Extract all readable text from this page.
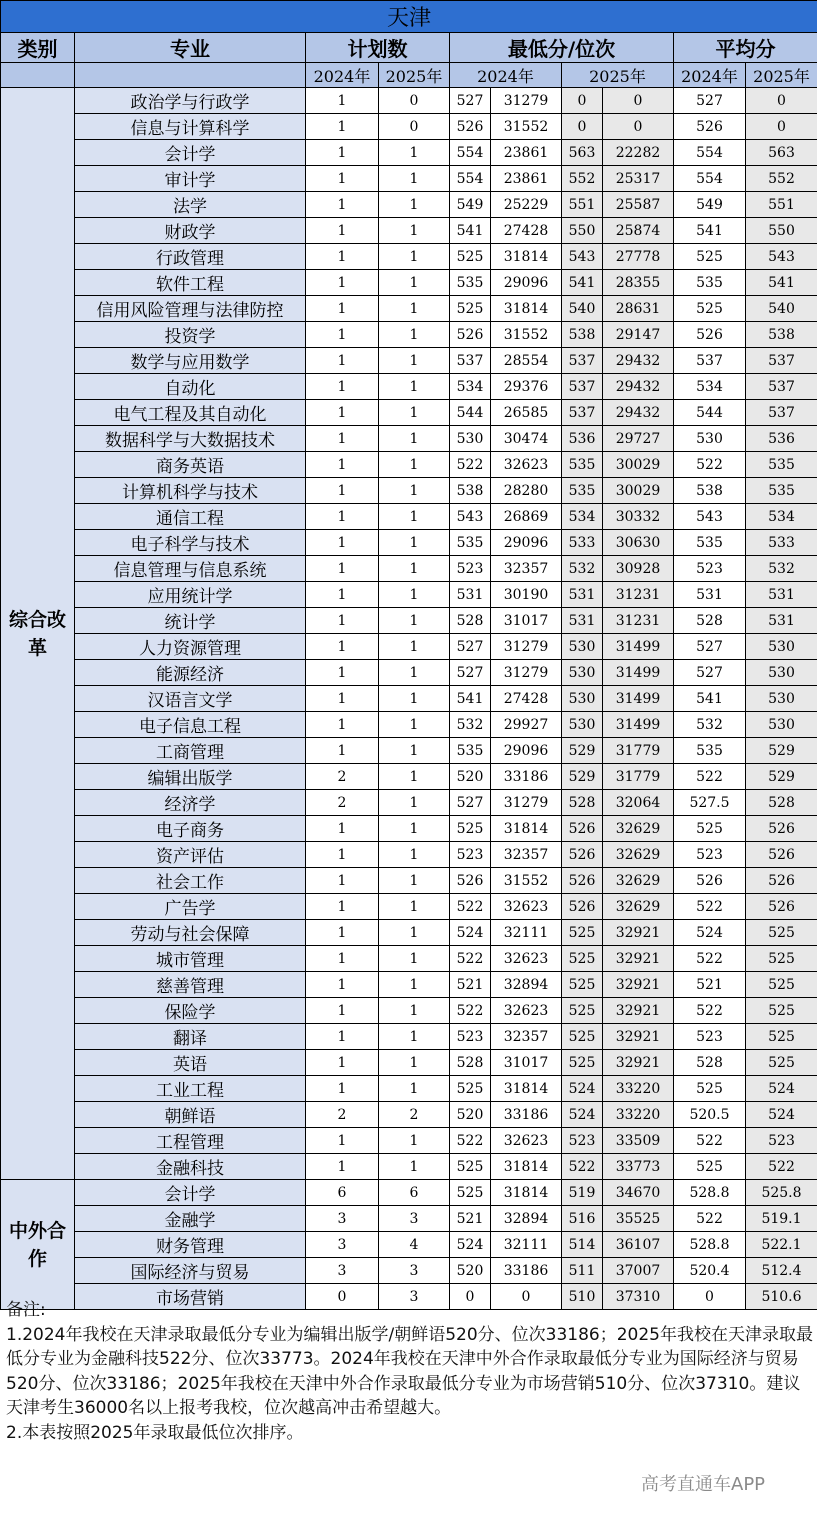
天津									
类别	专业	计划数		最低分/位次				平均分	
		2024年	2025年	2024年		2025年		2024年	2025年
综合改革	政治学与行政学	1	0	527	31279	0	0	527	0
	信息与计算科学	1	0	526	31552	0	0	526	0
	会计学	1	1	554	23861	563	22282	554	563
	审计学	1	1	554	23861	552	25317	554	552
	法学	1	1	549	25229	551	25587	549	551
	财政学	1	1	541	27428	550	25874	541	550
	行政管理	1	1	525	31814	543	27778	525	543
	软件工程	1	1	535	29096	541	28355	535	541
	信用风险管理与法律防控	1	1	525	31814	540	28631	525	540
	投资学	1	1	526	31552	538	29147	526	538
	数学与应用数学	1	1	537	28554	537	29432	537	537
	自动化	1	1	534	29376	537	29432	534	537
	电气工程及其自动化	1	1	544	26585	537	29432	544	537
	数据科学与大数据技术	1	1	530	30474	536	29727	530	536
	商务英语	1	1	522	32623	535	30029	522	535
	计算机科学与技术	1	1	538	28280	535	30029	538	535
	通信工程	1	1	543	26869	534	30332	543	534
	电子科学与技术	1	1	535	29096	533	30630	535	533
	信息管理与信息系统	1	1	523	32357	532	30928	523	532
	应用统计学	1	1	531	30190	531	31231	531	531
	统计学	1	1	528	31017	531	31231	528	531
	人力资源管理	1	1	527	31279	530	31499	527	530
	能源经济	1	1	527	31279	530	31499	527	530
	汉语言文学	1	1	541	27428	530	31499	541	530
	电子信息工程	1	1	532	29927	530	31499	532	530
	工商管理	1	1	535	29096	529	31779	535	529
	编辑出版学	2	1	520	33186	529	31779	522	529
	经济学	2	1	527	31279	528	32064	527.5	528
	电子商务	1	1	525	31814	526	32629	525	526
	资产评估	1	1	523	32357	526	32629	523	526
	社会工作	1	1	526	31552	526	32629	526	526
	广告学	1	1	522	32623	526	32629	522	526
	劳动与社会保障	1	1	524	32111	525	32921	524	525
	城市管理	1	1	522	32623	525	32921	522	525
	慈善管理	1	1	521	32894	525	32921	521	525
	保险学	1	1	522	32623	525	32921	522	525
	翻译	1	1	523	32357	525	32921	523	525
	英语	1	1	528	31017	525	32921	528	525
	工业工程	1	1	525	31814	524	33220	525	524
	朝鲜语	2	2	520	33186	524	33220	520.5	524
	工程管理	1	1	522	32623	523	33509	522	523
	金融科技	1	1	525	31814	522	33773	525	522
中外合作	会计学	6	6	525	31814	519	34670	528.8	525.8
	金融学	3	3	521	32894	516	35525	522	519.1
	财务管理	3	4	524	32111	514	36107	528.8	522.1
	国际经济与贸易	3	3	520	33186	511	37007	520.4	512.4
	市场营销	0	3	0	0	510	37310	0	510.6
备注:
1.2024年我校在天津录取最低分专业为编辑出版学/朝鲜语520分、位次33186；2025年我校在天津录取最低分专业为金融科技522分、位次33773。2024年我校在天津中外合作录取最低分专业为国际经济与贸易520分、位次33186；2025年我校在天津中外合作录取最低分专业为市场营销510分、位次37310。建议天津考生36000名以上报考我校，位次越高冲击希望越大。
2.本表按照2025年录取最低位次排序。
高考直通车APP
